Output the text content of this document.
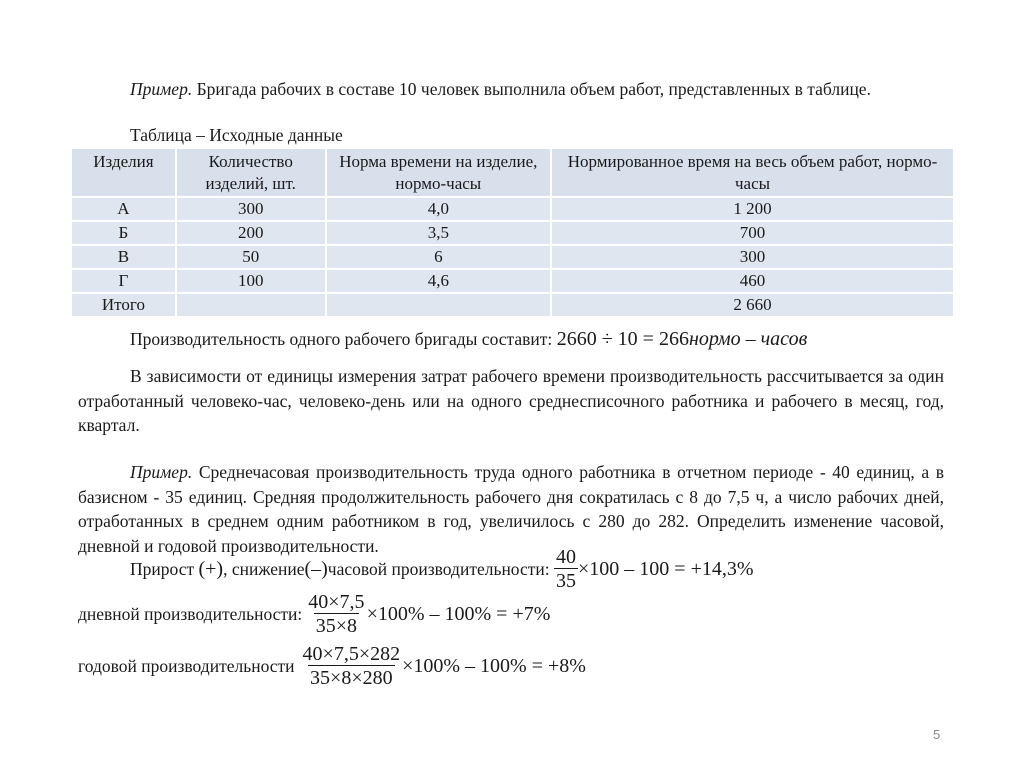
Пример. Бригада рабочих в составе 10 человек выполнила объем работ, представленных в таблице.
Таблица – Исходные данные
Изделия	Количество изделий, шт.	Норма времени на изделие, нормо-часы	Нормированное время на весь объем работ, нормо-часы
А	300	4,0	1 200
Б	200	3,5	700
В	50	6	300
Г	100	4,6	460
Итого			2 660
Производительность одного рабочего бригады составит: 2660 ÷ 10 = 266нормо – часов
В зависимости от единицы измерения затрат рабочего времени производительность рассчитывается за один отработанный человеко-час, человеко-день или на одного среднесписочного работника и рабочего в месяц, год, квартал.
Пример. Среднечасовая производительность труда одного работника в отчетном периоде - 40 единиц, а в базисном - 35 единиц. Средняя продолжительность рабочего дня сократилась с 8 до 7,5 ч, а число рабочих дней, отработанных в среднем одним работником в год, увеличилось с 280 до 282. Определить изменение часовой, дневной и годовой производительности.
Прирост
(+) , снижение (–) часовой производительности:
$\frac{40}{35} \times 100 - 100 = +14,3\%$
дневной производительности: $\frac{40\times 7,5}{35\times 8} \times 100\% - 100\% = +7\%$
годовой производительности $\frac{40\times 7,5\times 282}{35\times 8\times 280} \times 100\% - 100\% = +8\%$
5
